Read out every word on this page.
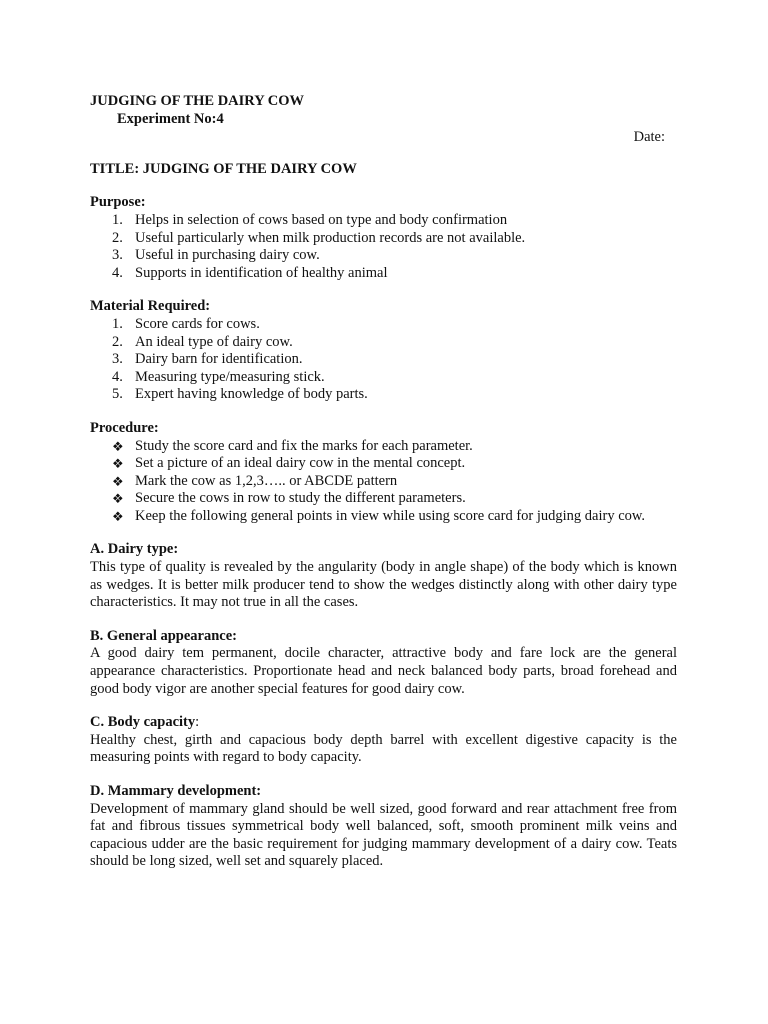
JUDGING OF THE DAIRY COW

Experiment No:4

Date:

TITLE: JUDGING OF THE DAIRY COW

Purpose:

1. Helps in selection of cows based on type and body confirmation
2. Useful particularly when milk production records are not available.
3. Useful in purchasing dairy cow.
4. Supports in identification of healthy animal

Material Required:

1. Score cards for cows.
2. An ideal type of dairy cow.
3. Dairy barn for identification.
4. Measuring type/measuring stick.
5. Expert having knowledge of body parts.

Procedure:

❖ Study the score card and fix the marks for each parameter.
❖ Set a picture of an ideal dairy cow in the mental concept.
❖ Mark the cow as 1,2,3….. or ABCDE pattern
❖ Secure the cows in row to study the different parameters.
❖ Keep the following general points in view while using score card for judging dairy cow.

A. Dairy type:

This type of quality is revealed by the angularity (body in angle shape) of the body which is known as wedges. It is better milk producer tend to show the wedges distinctly along with other dairy type characteristics. It may not true in all the cases.

B. General appearance:

A good dairy tem permanent, docile character, attractive body and fare lock are the general appearance characteristics. Proportionate head and neck balanced body parts, broad forehead and good body vigor are another special features for good dairy cow.

C. Body capacity:

Healthy chest, girth and capacious body depth barrel with excellent digestive capacity is the measuring points with regard to body capacity.

D. Mammary development:

Development of mammary gland should be well sized, good forward and rear attachment free from fat and fibrous tissues symmetrical body well balanced, soft, smooth prominent milk veins and capacious udder are the basic requirement for judging mammary development of a dairy cow. Teats should be long sized, well set and squarely placed.
